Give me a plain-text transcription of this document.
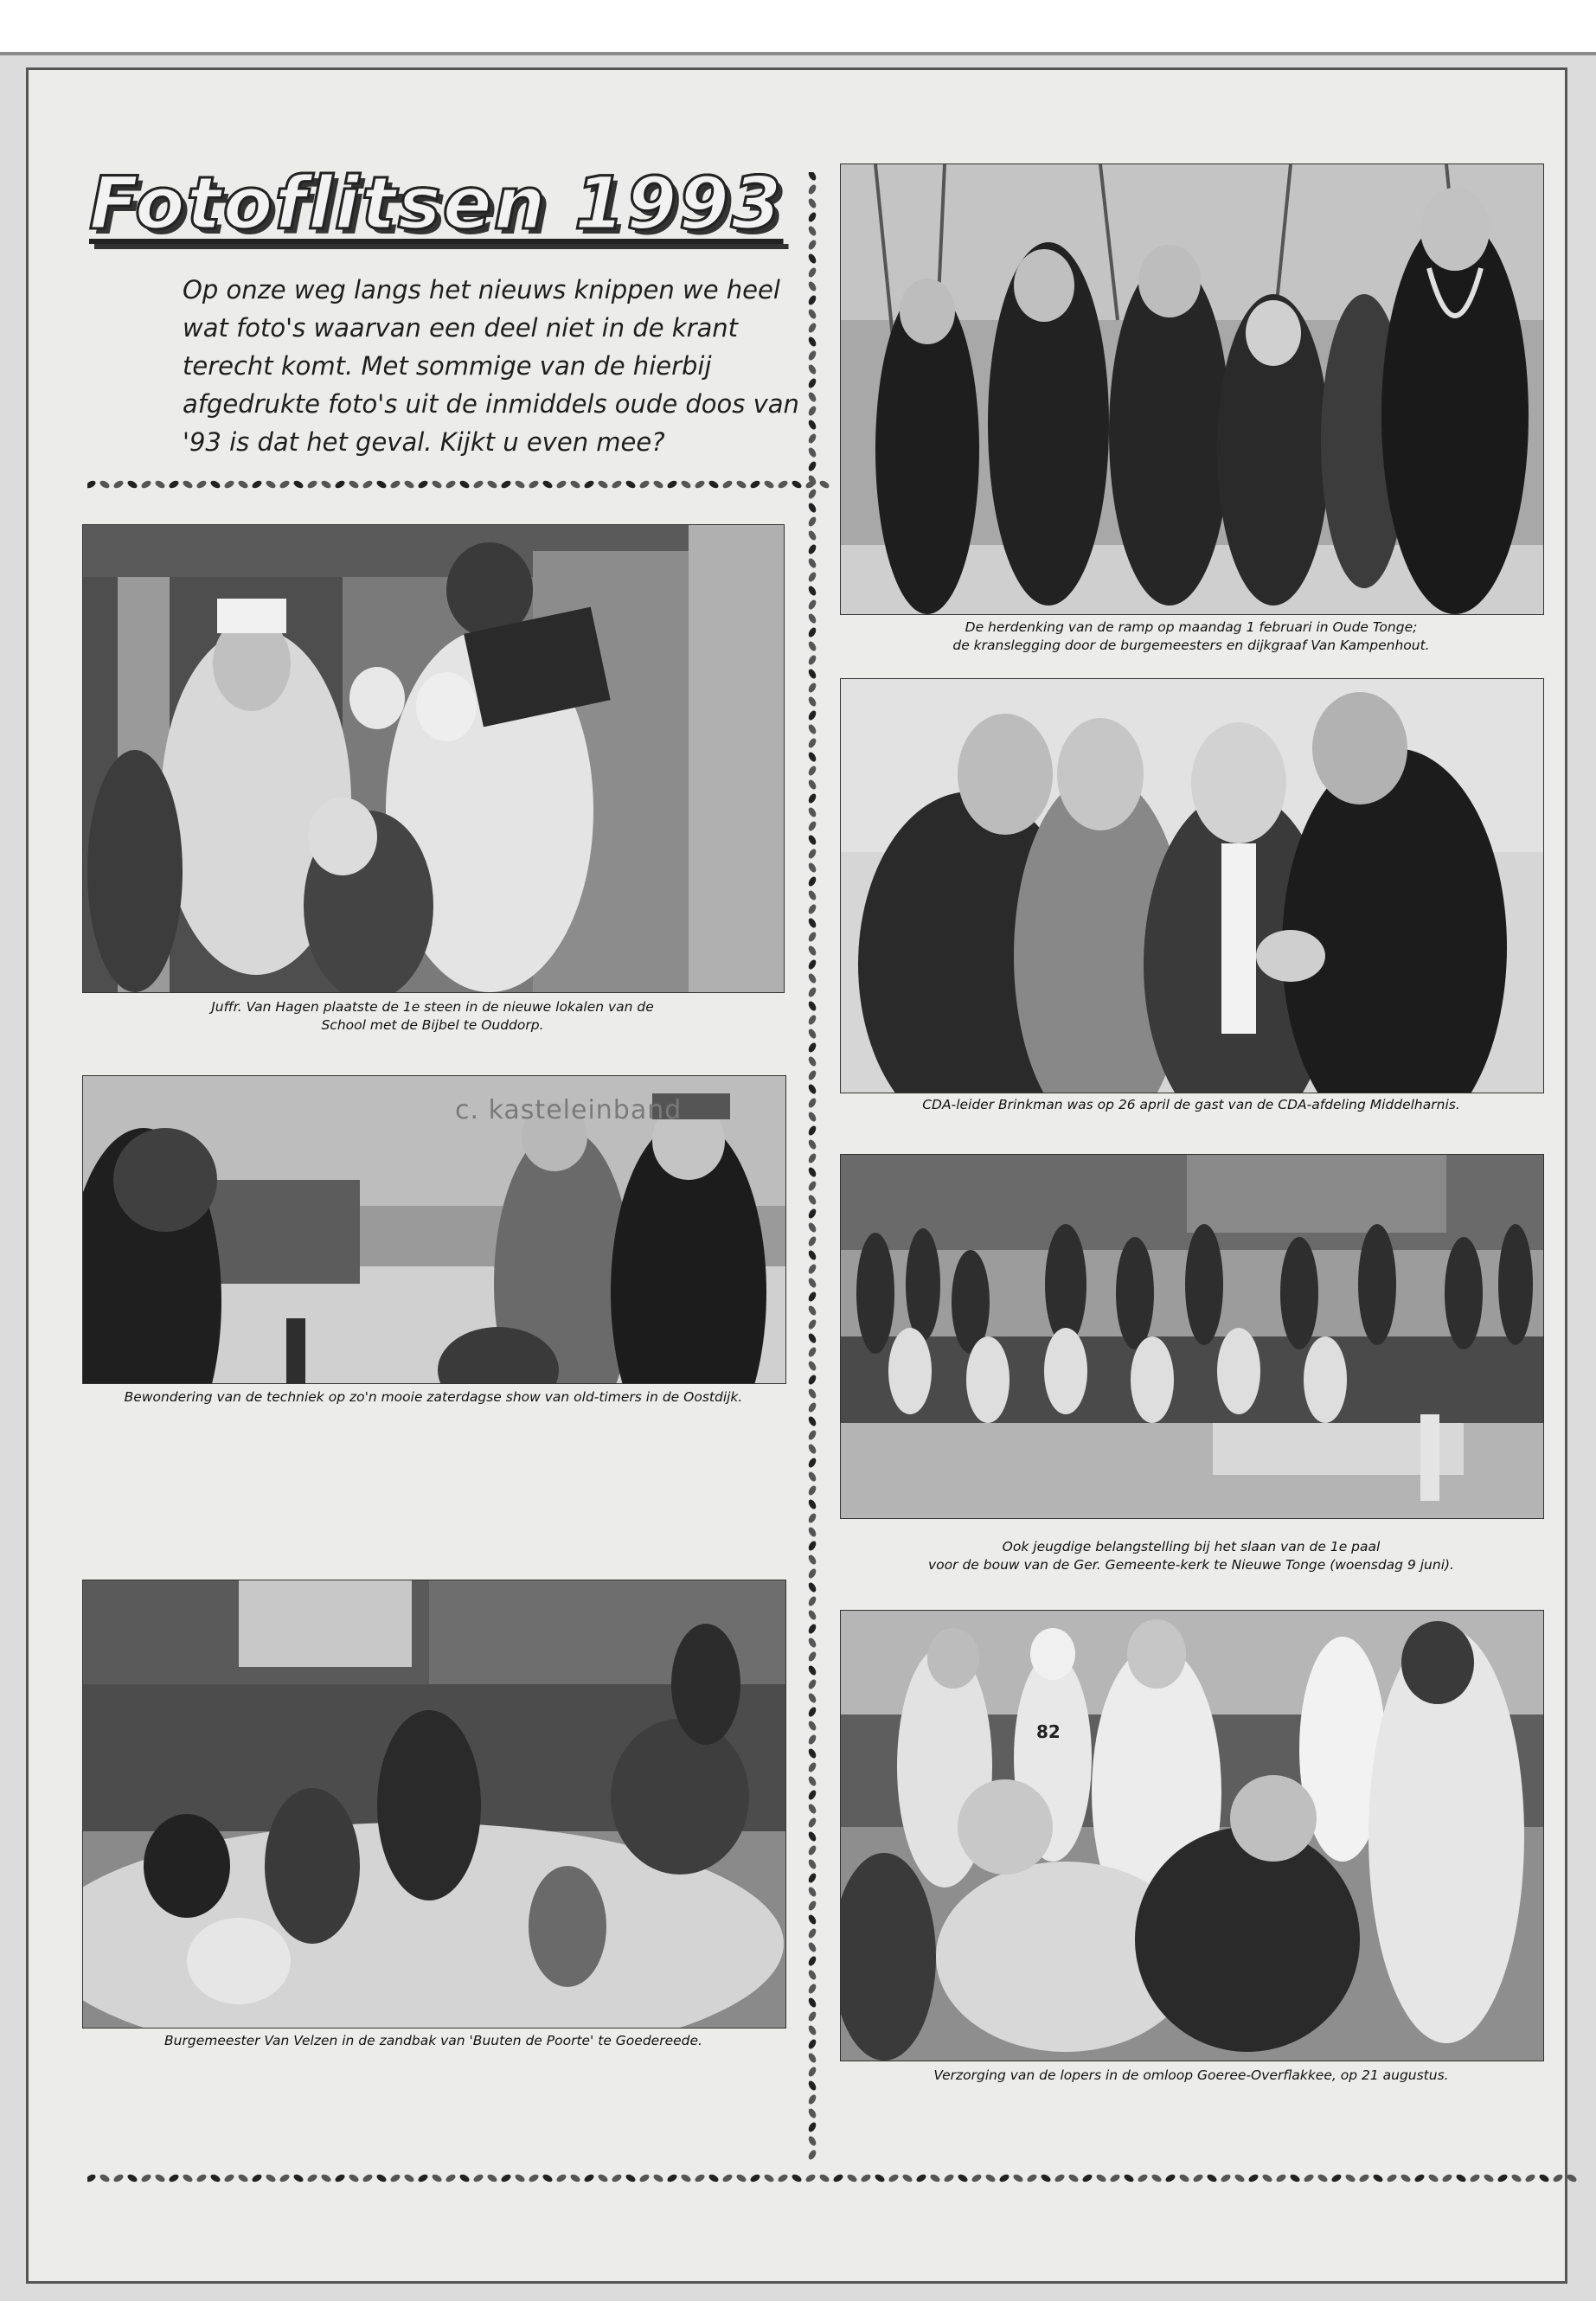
Fotoflitsen 1993
Op onze weg langs het nieuws knippen we heel wat foto's waarvan een deel niet in de krant terecht komt. Met sommige van de hierbij afgedrukte foto's uit de inmiddels oude doos van '93 is dat het geval. Kijkt u even mee?
Juffr. Van Hagen plaatste de 1e steen in de nieuwe lokalen van de
School met de Bijbel te Ouddorp.
c. kasteleinband
Bewondering van de techniek op zo'n mooie zaterdagse show van old-timers in de Oostdijk.
Burgemeester Van Velzen in de zandbak van 'Buuten de Poorte' te Goedereede.
De herdenking van de ramp op maandag 1 februari in Oude Tonge;
de kranslegging door de burgemeesters en dijkgraaf Van Kampenhout.
CDA-leider Brinkman was op 26 april de gast van de CDA-afdeling Middelharnis.
Ook jeugdige belangstelling bij het slaan van de 1e paal
voor de bouw van de Ger. Gemeente-kerk te Nieuwe Tonge (woensdag 9 juni).
82
Verzorging van de lopers in de omloop Goeree-Overflakkee, op 21 augustus.
